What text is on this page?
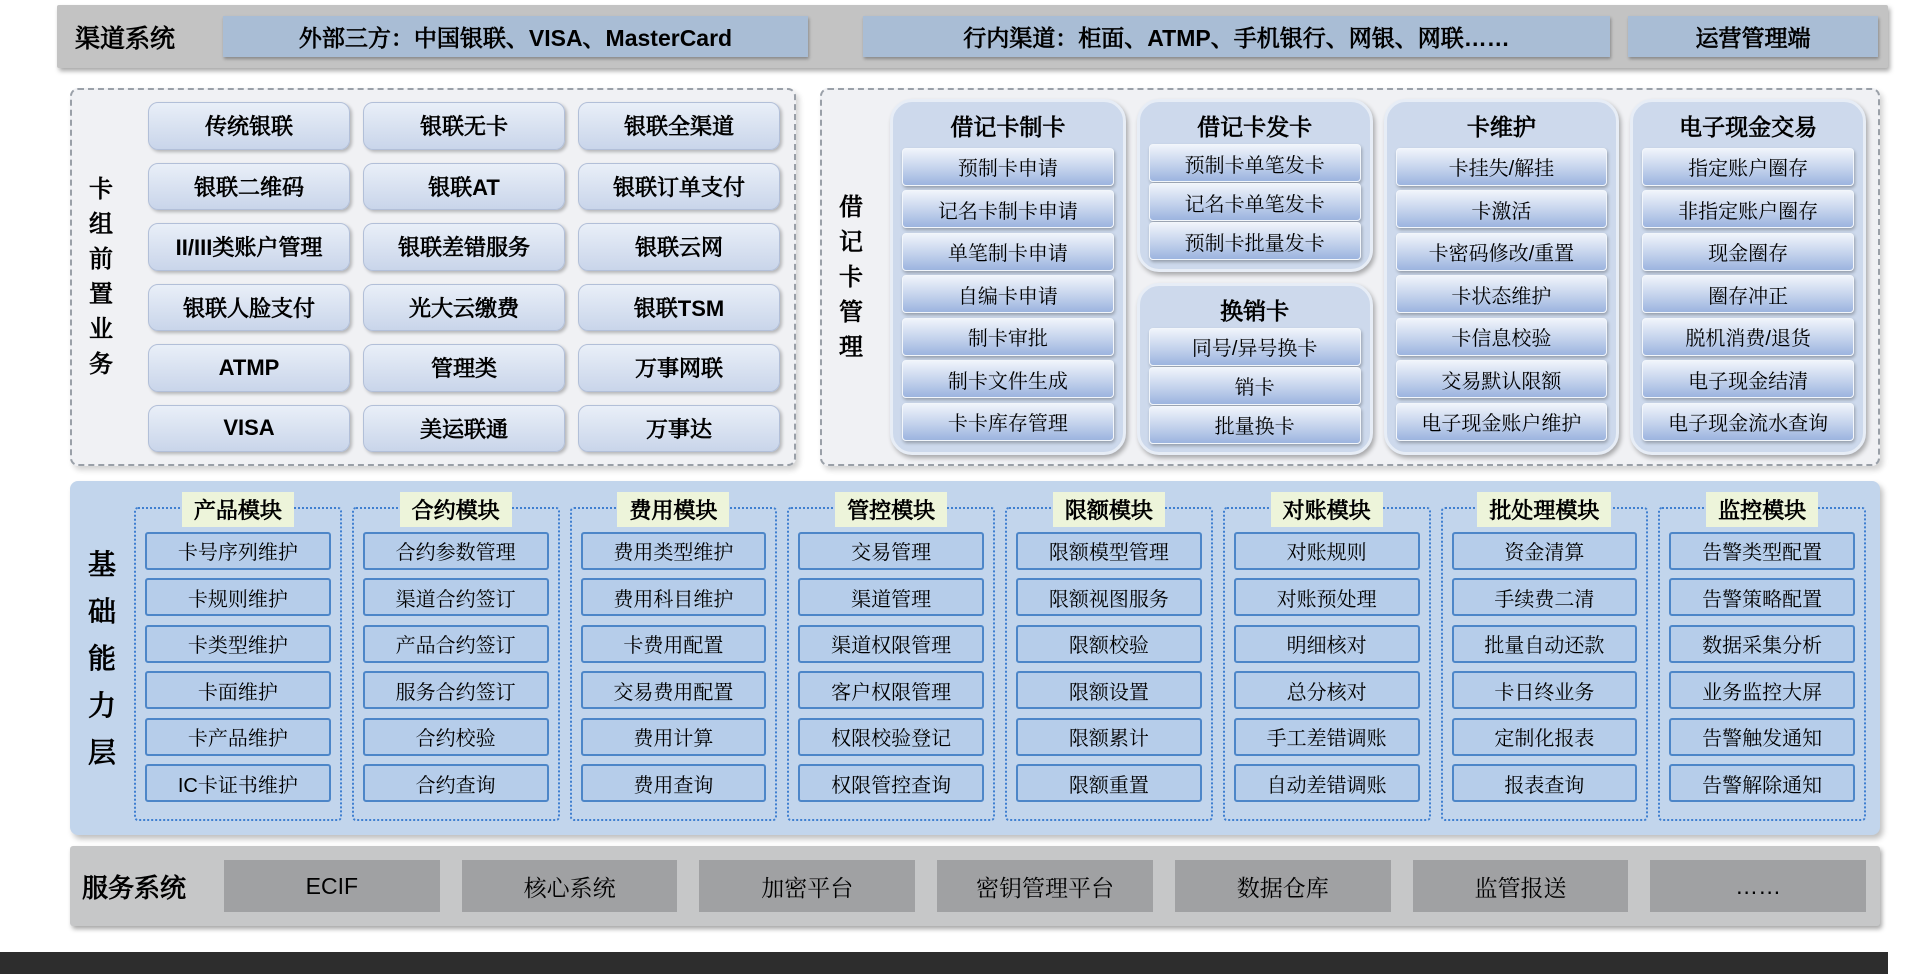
渠道系统	外部三方：中国银联、VISA、MasterCard	行内渠道：柜面、ATMP、手机银行、网银、网联……	运营管理端
卡组前置业务
传统银联	银联无卡	银联全渠道
银联二维码	银联AT	银联订单支付
II/III类账户管理	银联差错服务	银联云网
银联人脸支付	光大云缴费	银联TSM
ATMP	管理类	万事网联
VISA	美运联通	万事达
借记卡管理
借记卡制卡
预制卡申请
记名卡制卡申请
单笔制卡申请
自编卡申请
制卡审批
制卡文件生成
卡卡库存管理
借记卡发卡
预制卡单笔发卡
记名卡单笔发卡
预制卡批量发卡
换销卡
同号/异号换卡
销卡
批量换卡
卡维护
卡挂失/解挂
卡激活
卡密码修改/重置
卡状态维护
卡信息校验
交易默认限额
电子现金账户维护
电子现金交易
指定账户圈存
非指定账户圈存
现金圈存
圈存冲正
脱机消费/退货
电子现金结清
电子现金流水查询
基础能力层
产品模块
卡号序列维护
卡规则维护
卡类型维护
卡面维护
卡产品维护
IC卡证书维护
合约模块
合约参数管理
渠道合约签订
产品合约签订
服务合约签订
合约校验
合约查询
费用模块
费用类型维护
费用科目维护
卡费用配置
交易费用配置
费用计算
费用查询
管控模块
交易管理
渠道管理
渠道权限管理
客户权限管理
权限校验登记
权限管控查询
限额模块
限额模型管理
限额视图服务
限额校验
限额设置
限额累计
限额重置
对账模块
对账规则
对账预处理
明细核对
总分核对
手工差错调账
自动差错调账
批处理模块
资金清算
手续费二清
批量自动还款
卡日终业务
定制化报表
报表查询
监控模块
告警类型配置
告警策略配置
数据采集分析
业务监控大屏
告警触发通知
告警解除通知
服务系统	ECIF	核心系统	加密平台	密钥管理平台	数据仓库	监管报送	……
